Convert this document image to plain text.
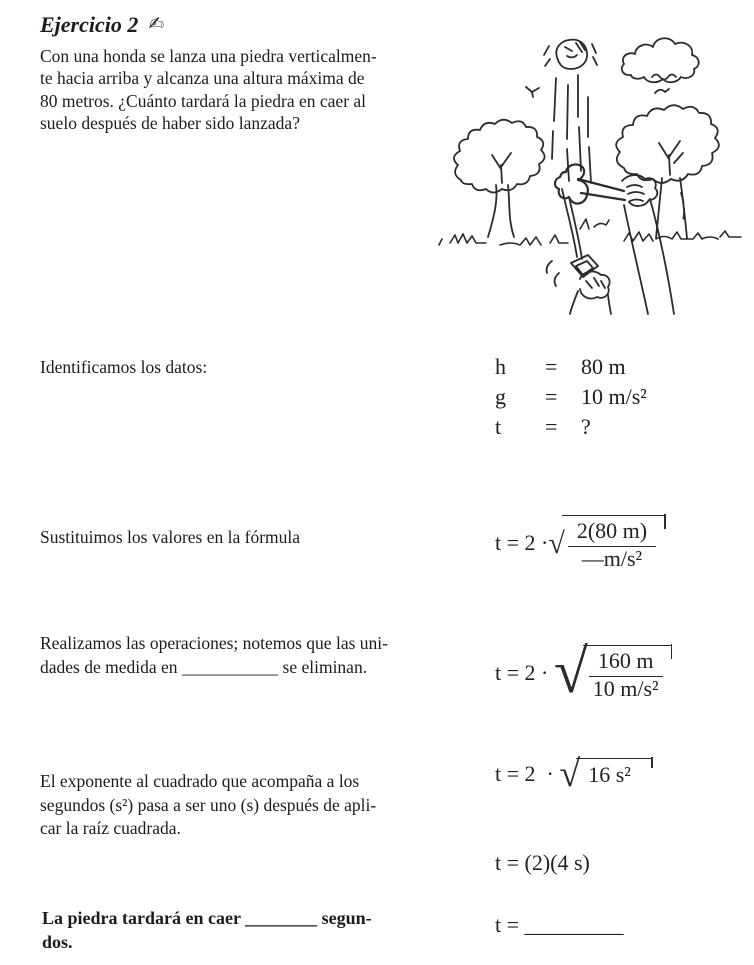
Ejercicio 2 ✍
Con una honda se lanza una piedra verticalmen-
te hacia arriba y alcanza una altura máxima de
80 metros. ¿Cuánto tardará la piedra en caer al
suelo después de haber sido lanzada?
Identificamos los datos:	h	=	80 m
g	=	10 m/s²
t	=	?
Sustituimos los valores en la fórmula	t = 2 · √ $\frac{2(80 m)}{\text{—m/s²}}$
Realizamos las operaciones; notemos que las uni-
dades de medida en ___________ se eliminan.	t = 2 · √ $\frac{160 m}{\text{10 m/s²}}$
El exponente al cuadrado que acompaña a los
segundos (s²) pasa a ser uno (s) después de apli-
car la raíz cuadrada.
t = 2  · √ 16 s²
t = (2)(4 s)
La piedra tardará en caer ________ segun-
dos.
t = _________
